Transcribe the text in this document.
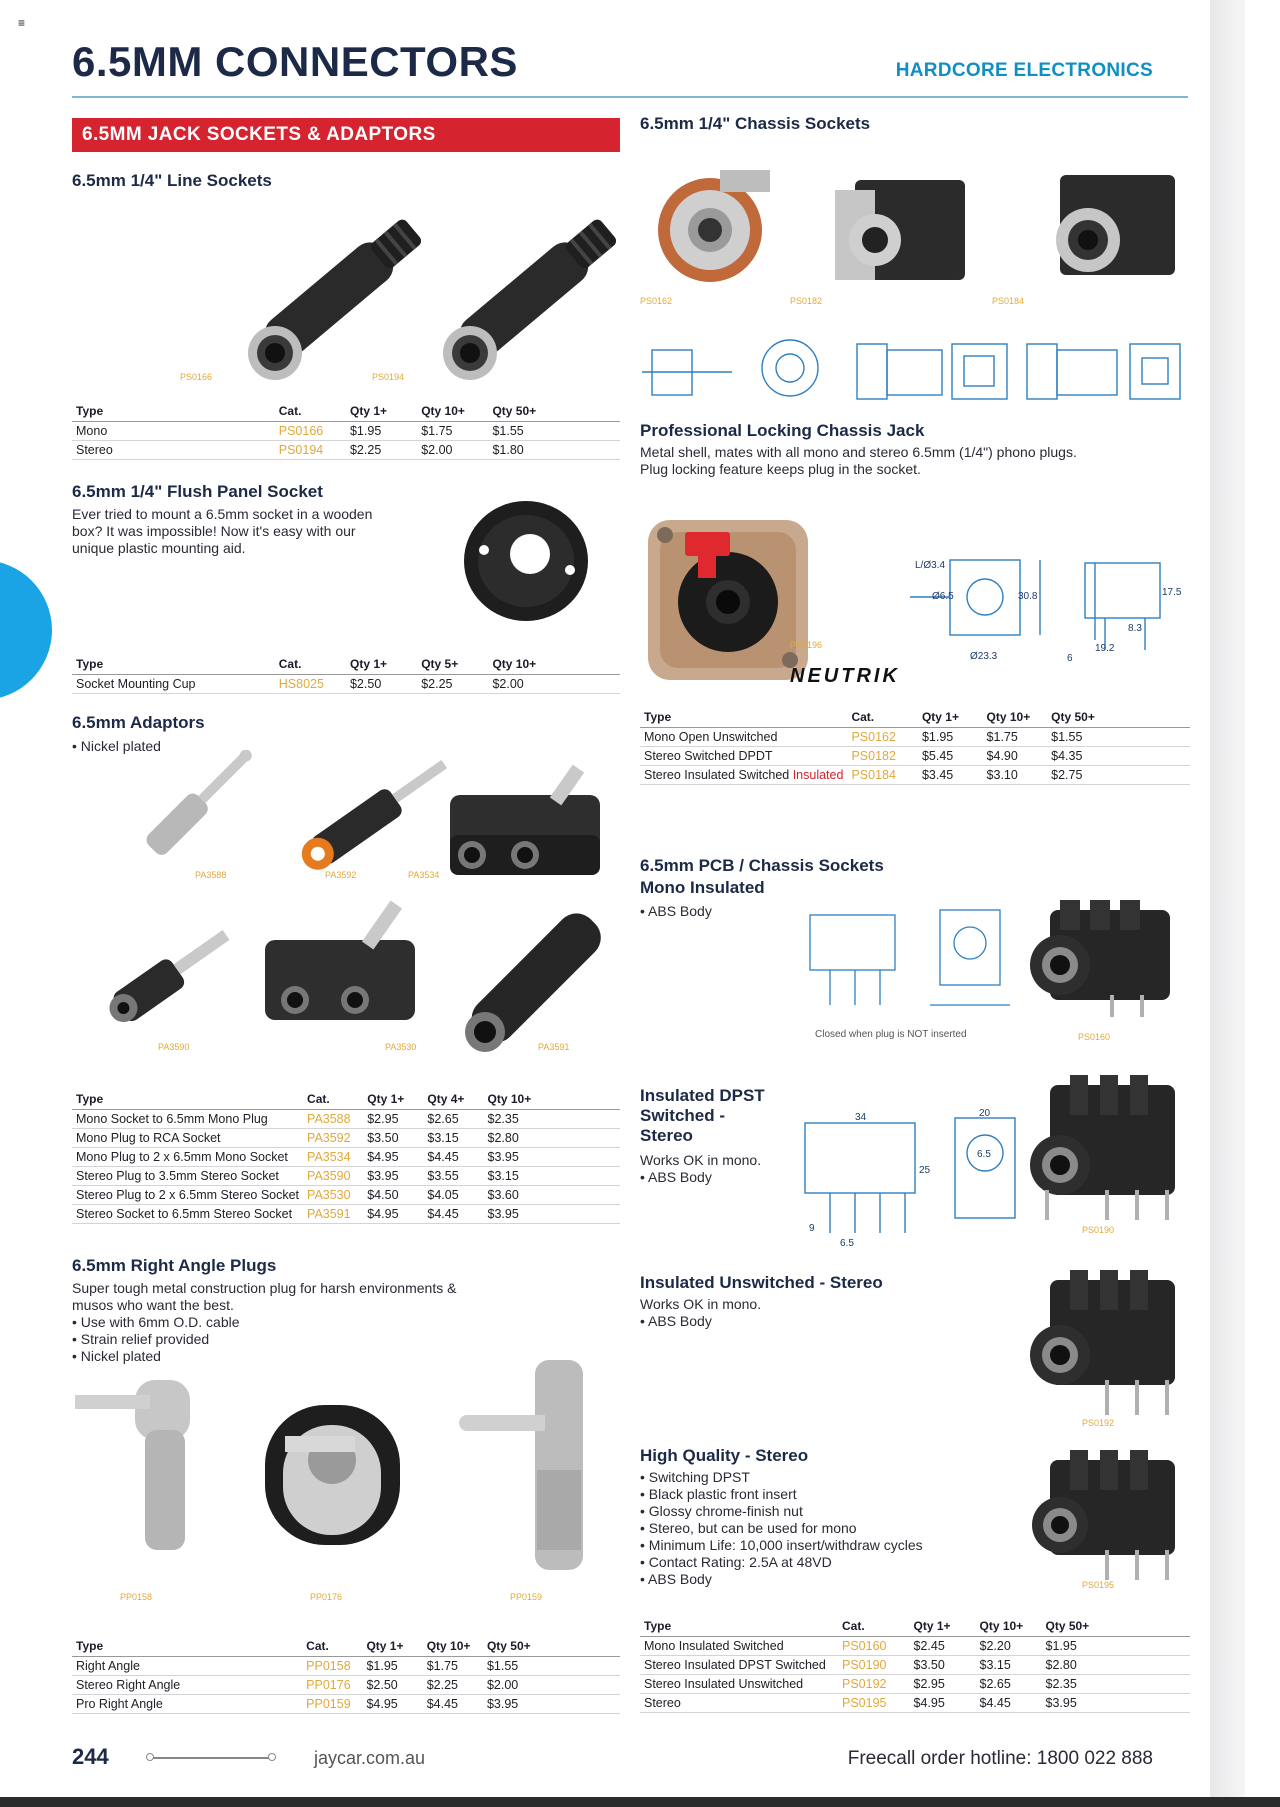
≡
6.5MM CONNECTORS	HARDCORE ELECTRONICS
6.5MM JACK SOCKETS & ADAPTORS
6.5mm 1/4" Line Sockets
PS0166	PS0194
Type	Cat.	Qty 1+	Qty 10+	Qty 50+
Mono	PS0166	$1.95	$1.75	$1.55
Stereo	PS0194	$2.25	$2.00	$1.80
6.5mm 1/4" Flush Panel Socket
Ever tried to mount a 6.5mm socket in a wooden
box? It was impossible! Now it's easy with our
unique plastic mounting aid.
Type	Cat.	Qty 1+	Qty 5+	Qty 10+
Socket Mounting Cup	HS8025	$2.50	$2.25	$2.00
6.5mm Adaptors
• Nickel plated
PA3588	PA3592	PA3534
PA3590	PA3530	PA3591
Type	Cat.	Qty 1+	Qty 4+	Qty 10+
Mono Socket to 6.5mm Mono Plug	PA3588	$2.95	$2.65	$2.35
Mono Plug to RCA Socket	PA3592	$3.50	$3.15	$2.80
Mono Plug to 2 x 6.5mm Mono Socket	PA3534	$4.95	$4.45	$3.95
Stereo Plug to 3.5mm Stereo Socket	PA3590	$3.95	$3.55	$3.15
Stereo Plug to 2 x 6.5mm Stereo Socket	PA3530	$4.50	$4.05	$3.60
Stereo Socket to 6.5mm Stereo Socket	PA3591	$4.95	$4.45	$3.95
6.5mm Right Angle Plugs
Super tough metal construction plug for harsh environments &
musos who want the best.
• Use with 6mm O.D. cable
• Strain relief provided
• Nickel plated
PP0158	PP0176	PP0159
Type	Cat.	Qty 1+	Qty 10+	Qty 50+
Right Angle	PP0158	$1.95	$1.75	$1.55
Stereo Right Angle	PP0176	$2.50	$2.25	$2.00
Pro Right Angle	PP0159	$4.95	$4.45	$3.95
6.5mm 1/4" Chassis Sockets
PS0162	PS0182	PS0184
Professional Locking Chassis Jack
Metal shell, mates with all mono and stereo 6.5mm (1/4") phono plugs.
Plug locking feature keeps plug in the socket.
PS0196
NEUTRIK
L/Ø3.4
Ø6.5	30.8
Ø23.3
17.5
8.3
19.2
6
Type	Cat.	Qty 1+	Qty 10+	Qty 50+
Mono Open Unswitched	PS0162	$1.95	$1.75	$1.55
Stereo Switched DPDT	PS0182	$5.45	$4.90	$4.35
Stereo Insulated Switched Insulated	PS0184	$3.45	$3.10	$2.75
6.5mm PCB / Chassis Sockets
Mono Insulated
• ABS Body
Closed when plug is NOT inserted	PS0160
Insulated DPST
Switched -
Stereo
Works OK in mono.
• ABS Body
34	20
25
9
6.5
6.5
PS0190
Insulated Unswitched - Stereo
Works OK in mono.
• ABS Body
PS0192
High Quality - Stereo
• Switching DPST
• Black plastic front insert
• Glossy chrome-finish nut
• Stereo, but can be used for mono
• Minimum Life: 10,000 insert/withdraw cycles
• Contact Rating: 2.5A at 48VD
• ABS Body	PS0195
Type	Cat.	Qty 1+	Qty 10+	Qty 50+
Mono Insulated Switched	PS0160	$2.45	$2.20	$1.95
Stereo Insulated DPST Switched	PS0190	$3.50	$3.15	$2.80
Stereo Insulated Unswitched	PS0192	$2.95	$2.65	$2.35
Stereo	PS0195	$4.95	$4.45	$3.95
244	jaycar.com.au	Freecall order hotline: 1800 022 888
